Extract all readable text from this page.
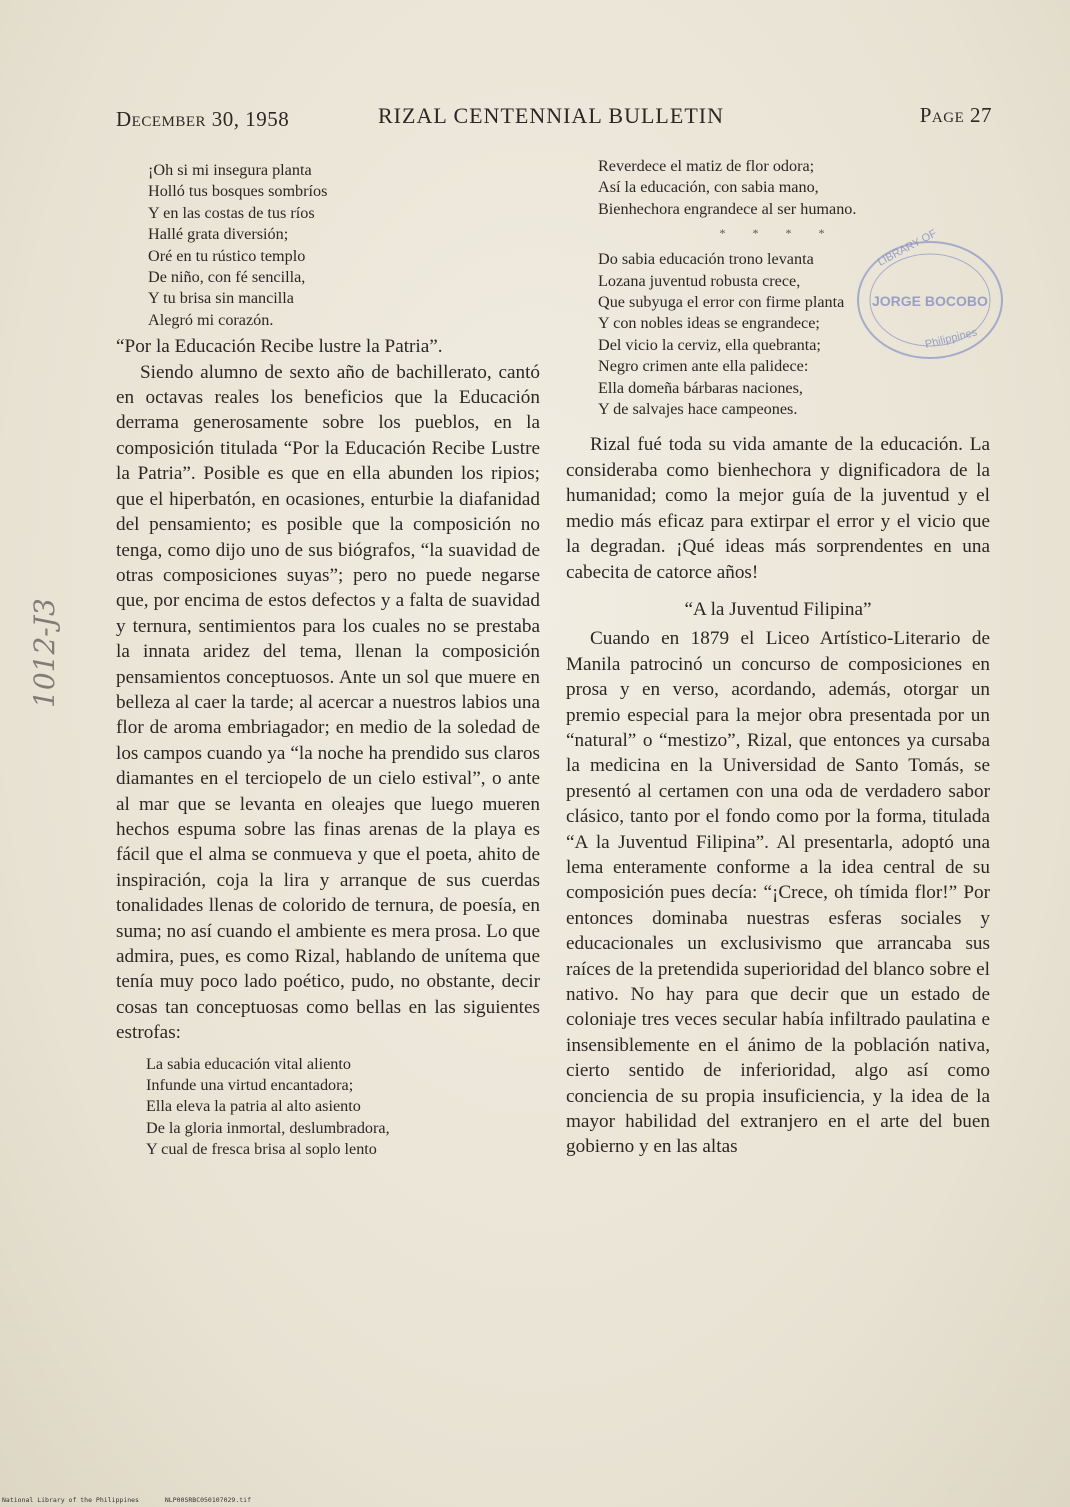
December 30, 1958	RIZAL CENTENNIAL BULLETIN	Page 27
¡Oh si mi insegura planta
Holló tus bosques sombríos
Y en las costas de tus ríos
Hallé grata diversión;
Oré en tu rústico templo
De niño, con fé sencilla,
Y tu brisa sin mancilla
Alegró mi corazón.
“Por la Educación Recibe lustre la Patria”.

Siendo alumno de sexto año de bachillerato, cantó en octavas reales los beneficios que la Educación derrama generosamente sobre los pueblos, en la composición titulada “Por la Educación Recibe Lustre la Patria”. Posible es que en ella abunden los ripios; que el hiperbatón, en ocasiones, enturbie la diafanidad del pensamiento; es posible que la composición no tenga, como dijo uno de sus biógrafos, “la suavidad de otras composiciones suyas”; pero no puede negarse que, por encima de estos defectos y a falta de suavidad y ternura, sentimientos para los cuales no se prestaba la innata aridez del tema, llenan la composición pensamientos conceptuosos. Ante un sol que muere en belleza al caer la tarde; al acercar a nuestros labios una flor de aroma embriagador; en medio de la soledad de los campos cuando ya “la noche ha prendido sus claros diamantes en el terciopelo de un cielo estival”, o ante al mar que se levanta en oleajes que luego mueren hechos espuma sobre las finas arenas de la playa es fácil que el alma se conmueva y que el poeta, ahito de inspiración, coja la lira y arranque de sus cuerdas tonalidades llenas de colorido de ternura, de poesía, en suma; no así cuando el ambiente es mera prosa. Lo que admira, pues, es como Rizal, hablando de unítema que tenía muy poco lado poético, pudo, no obstante, decir cosas tan conceptuosas como bellas en las siguientes estrofas:

La sabia educación vital aliento
Infunde una virtud encantadora;
Ella eleva la patria al alto asiento
De la gloria inmortal, deslumbradora,
Y cual de fresca brisa al soplo lento
Reverdece el matiz de flor odora;
Así la educación, con sabia mano,
Bienhechora engrandece al ser humano.
* * * *
Do sabia educación trono levanta
Lozana juventud robusta crece,
Que subyuga el error con firme planta
Y con nobles ideas se engrandece;
Del vicio la cerviz, ella quebranta;
Negro crimen ante ella palidece:
Ella domeña bárbaras naciones,
Y de salvajes hace campeones.

Rizal fué toda su vida amante de la educación. La consideraba como bienhechora y dignificadora de la humanidad; como la mejor guía de la juventud y el medio más eficaz para extirpar el error y el vicio que la degradan. ¡Qué ideas más sorprendentes en una cabecita de catorce años!

“A la Juventud Filipina”

Cuando en 1879 el Liceo Artístico-Literario de Manila patrocinó un concurso de composiciones en prosa y en verso, acordando, además, otorgar un premio especial para la mejor obra presentada por un “natural” o “mestizo”, Rizal, que entonces ya cursaba la medicina en la Universidad de Santo Tomás, se presentó al certamen con una oda de verdadero sabor clásico, tanto por el fondo como por la forma, titulada “A la Juventud Filipina”. Al presentarla, adoptó una lema enteramente conforme a la idea central de su composición pues decía: “¡Crece, oh tímida flor!” Por entonces dominaba nuestras esferas sociales y educacionales un exclusivismo que arrancaba sus raíces de la pretendida superioridad del blanco sobre el nativo. No hay para que decir que un estado de coloniaje tres veces secular había infiltrado paulatina e insensiblemente en el ánimo de la población nativa, cierto sentido de inferioridad, algo así como conciencia de su propia insuficiencia, y la idea de la mayor habilidad del extranjero en el arte del buen gobierno y en las altas

LIBRARY OF
JORGE BOCOBO
Philippines
1012-J3
National Library of the Philippines	NLP00SRBC050107029.tif
